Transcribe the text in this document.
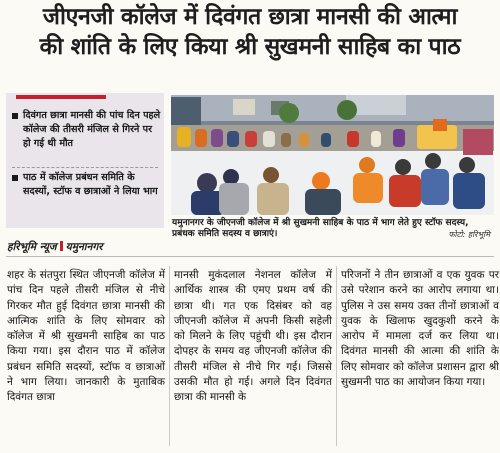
जीएनजी कॉलेज में दिवंगत छात्रा मानसी की आत्मा
की शांति के लिए किया श्री सुखमनी साहिब का पाठ
दिवंगत छात्रा मानसी की पांच दिन पहले कॉलेज की तीसरी मंजिल से गिरने पर हो गई थी मौत
पाठ में कॉलेज प्रबंधन समिति के सदस्यों, स्टॉफ व छात्राओं ने लिया भाग
हरिभूमि न्यूज यमुनानगर
यमुनानगर के जीएनजी कॉलेज में श्री सुखमनी साहिब के पाठ में भाग लेते हुए स्टॉफ सदस्य, प्रबंधक समिति सदस्य व छात्राएं।	फोटो: हरिभूमि
शहर के संतपुरा स्थित जीएनजी कॉलेज में पांच दिन पहले तीसरी मंजिल से नीचे गिरकर मौत हुई दिवंगत छात्रा मानसी की आत्मिक शांति के लिए सोमवार को कॉलेज में श्री सुखमनी साहिब का पाठ किया गया। इस दौरान पाठ में कॉलेज प्रबंधन समिति सदस्यों, स्टॉफ व छात्राओं ने भाग लिया। जानकारी के मुताबिक दिवंगत छात्रा
मानसी मुकंदलाल नेशनल कॉलेज में आर्थिक शास्त्र की एमए प्रथम वर्ष की छात्रा थी। गत एक दिसंबर को वह जीएनजी कॉलेज में अपनी किसी सहेली को मिलने के लिए पहुंची थी। इस दौरान दोपहर के समय वह जीएनजी कॉलेज की तीसरी मंजिल से नीचे गिर गई। जिससे उसकी मौत हो गई। अगले दिन दिवंगत छात्रा की मानसी के
परिजनों ने तीन छात्राओं व एक युवक पर उसे परेशान करने का आरोप लगाया था। पुलिस ने उस समय उक्त तीनों छात्राओं व युवक के खिलाफ खुदकुशी करने के आरोप में मामला दर्ज कर लिया था। दिवंगत मानसी की आत्मा की शांति के लिए सोमवार को कॉलेज प्रशासन द्वारा श्री सुखमनी पाठ का आयोजन किया गया।
